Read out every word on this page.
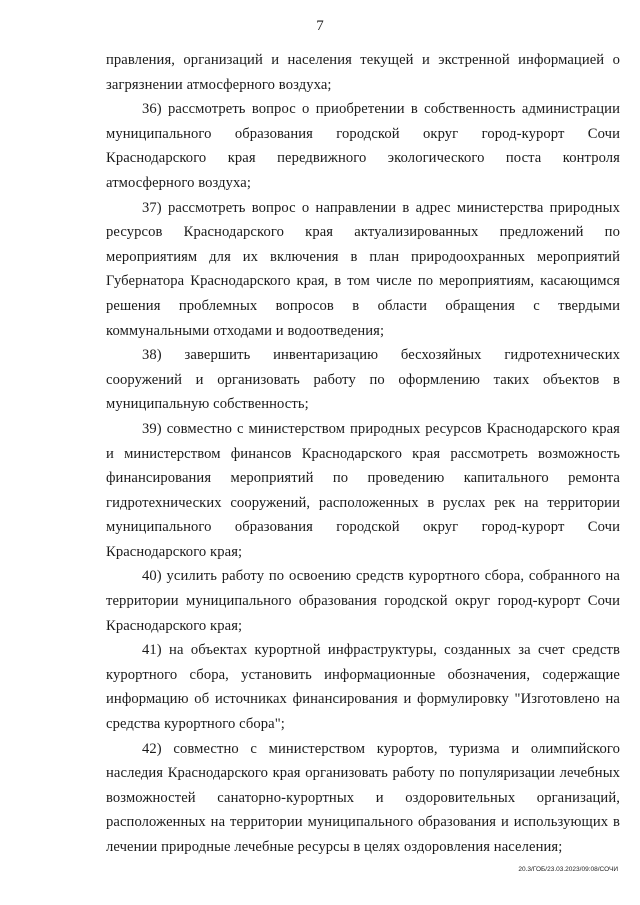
7

правления, организаций и населения текущей и экстренной информацией о загрязнении атмосферного воздуха;

36) рассмотреть вопрос о приобретении в собственность администрации муниципального образования городской округ город-курорт Сочи Краснодарского края передвижного экологического поста контроля атмосферного воздуха;

37) рассмотреть вопрос о направлении в адрес министерства природных ресурсов Краснодарского края актуализированных предложений по мероприятиям для их включения в план природоохранных мероприятий Губернатора Краснодарского края, в том числе по мероприятиям, касающимся решения проблемных вопросов в области обращения с твердыми коммунальными отходами и водоотведения;

38) завершить инвентаризацию бесхозяйных гидротехнических сооружений и организовать работу по оформлению таких объектов в муниципальную собственность;

39) совместно с министерством природных ресурсов Краснодарского края и министерством финансов Краснодарского края рассмотреть возможность финансирования мероприятий по проведению капитального ремонта гидротехнических сооружений, расположенных в руслах рек на территории муниципального образования городской округ город-курорт Сочи Краснодарского края;

40) усилить работу по освоению средств курортного сбора, собранного на территории муниципального образования городской округ город-курорт Сочи Краснодарского края;

41) на объектах курортной инфраструктуры, созданных за счет средств курортного сбора, установить информационные обозначения, содержащие информацию об источниках финансирования и формулировку "Изготовлено на средства курортного сбора";

42) совместно с министерством курортов, туризма и олимпийского наследия Краснодарского края организовать работу по популяризации лечебных возможностей санаторно-курортных и оздоровительных организаций, расположенных на территории муниципального образования и использующих в лечении природные лечебные ресурсы в целях оздоровления населения;

20.3/ГОБ/23.03.2023/09:08/СОЧИ
